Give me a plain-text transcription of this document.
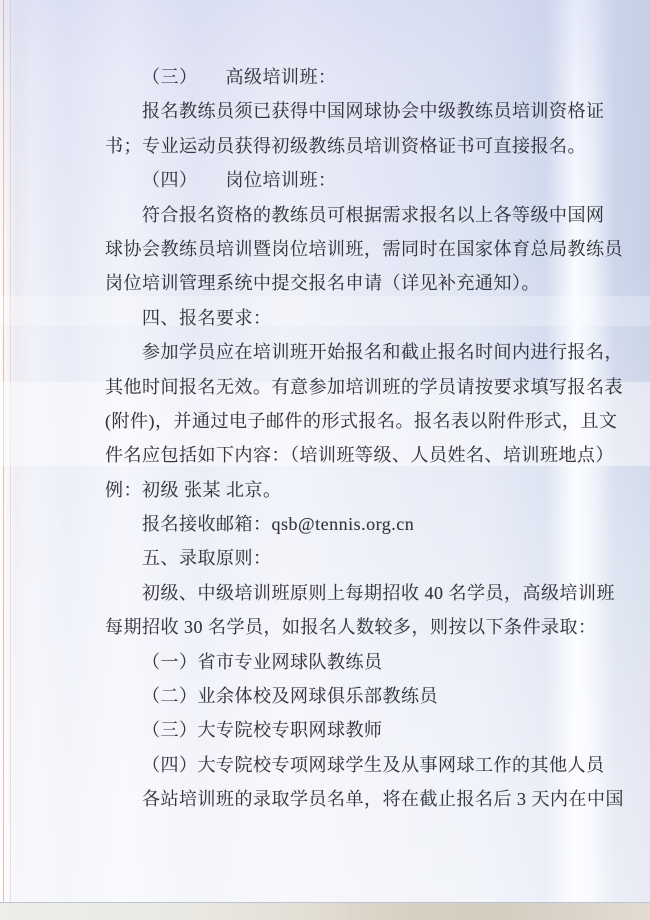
（三）　　高级培训班：
报名教练员须已获得中国网球协会中级教练员培训资格证
书；专业运动员获得初级教练员培训资格证书可直接报名。
（四）　　岗位培训班：
符合报名资格的教练员可根据需求报名以上各等级中国网
球协会教练员培训暨岗位培训班，需同时在国家体育总局教练员
岗位培训管理系统中提交报名申请（详见补充通知）。
四、报名要求：
参加学员应在培训班开始报名和截止报名时间内进行报名，
其他时间报名无效。有意参加培训班的学员请按要求填写报名表
(附件)，并通过电子邮件的形式报名。报名表以附件形式，且文
件名应包括如下内容：（培训班等级、人员姓名、培训班地点）
例：初级 张某 北京。
报名接收邮箱：qsb@tennis.org.cn
五、录取原则：
初级、中级培训班原则上每期招收 40 名学员，高级培训班
每期招收 30 名学员，如报名人数较多，则按以下条件录取：
（一）省市专业网球队教练员
（二）业余体校及网球俱乐部教练员
（三）大专院校专职网球教师
（四）大专院校专项网球学生及从事网球工作的其他人员
各站培训班的录取学员名单，将在截止报名后 3 天内在中国
